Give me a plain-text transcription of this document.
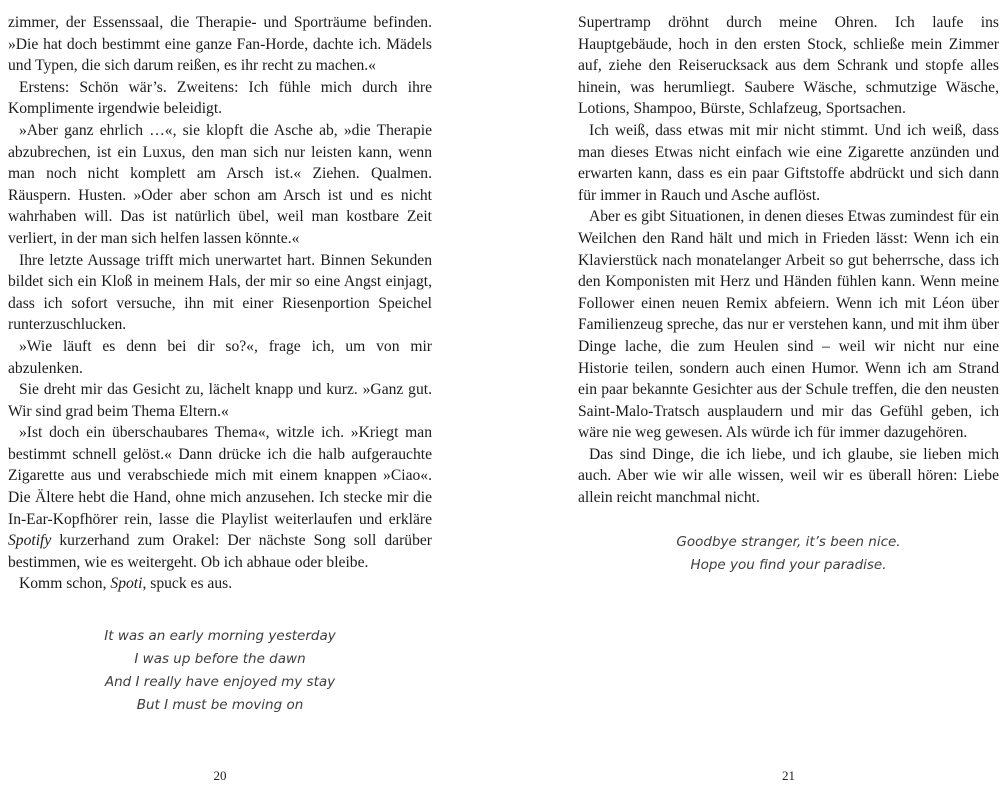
zimmer, der Essenssaal, die Therapie- und Sporträume befinden. »Die hat doch bestimmt eine ganze Fan-Horde, dachte ich. Mädels und Typen, die sich darum reißen, es ihr recht zu machen.«

Erstens: Schön wär’s. Zweitens: Ich fühle mich durch ihre Komplimente irgendwie beleidigt.

»Aber ganz ehrlich …«, sie klopft die Asche ab, »die Therapie abzubrechen, ist ein Luxus, den man sich nur leisten kann, wenn man noch nicht komplett am Arsch ist.« Ziehen. Qualmen. Räuspern. Husten. »Oder aber schon am Arsch ist und es nicht wahrhaben will. Das ist natürlich übel, weil man kostbare Zeit verliert, in der man sich helfen lassen könnte.«

Ihre letzte Aussage trifft mich unerwartet hart. Binnen Sekunden bildet sich ein Kloß in meinem Hals, der mir so eine Angst einjagt, dass ich sofort versuche, ihn mit einer Riesenportion Speichel runterzuschlucken.

»Wie läuft es denn bei dir so?«, frage ich, um von mir abzulenken.

Sie dreht mir das Gesicht zu, lächelt knapp und kurz. »Ganz gut. Wir sind grad beim Thema Eltern.«

»Ist doch ein überschaubares Thema«, witzle ich. »Kriegt man bestimmt schnell gelöst.« Dann drücke ich die halb aufgerauchte Zigarette aus und verabschiede mich mit einem knappen »Ciao«. Die Ältere hebt die Hand, ohne mich anzusehen. Ich stecke mir die In-Ear-Kopfhörer rein, lasse die Playlist weiterlaufen und erkläre Spotify kurzerhand zum Orakel: Der nächste Song soll darüber bestimmen, wie es weitergeht. Ob ich abhaue oder bleibe.

Komm schon, Spoti, spuck es aus.

It was an early morning yesterday
I was up before the dawn
And I really have enjoyed my stay
But I must be moving on
20

Supertramp dröhnt durch meine Ohren. Ich laufe ins Hauptgebäude, hoch in den ersten Stock, schließe mein Zimmer auf, ziehe den Reiserucksack aus dem Schrank und stopfe alles hinein, was herumliegt. Saubere Wäsche, schmutzige Wäsche, Lotions, Shampoo, Bürste, Schlafzeug, Sportsachen.

Ich weiß, dass etwas mit mir nicht stimmt. Und ich weiß, dass man dieses Etwas nicht einfach wie eine Zigarette anzünden und erwarten kann, dass es ein paar Giftstoffe abdrückt und sich dann für immer in Rauch und Asche auflöst.

Aber es gibt Situationen, in denen dieses Etwas zumindest für ein Weilchen den Rand hält und mich in Frieden lässt: Wenn ich ein Klavierstück nach monatelanger Arbeit so gut beherrsche, dass ich den Komponisten mit Herz und Händen fühlen kann. Wenn meine Follower einen neuen Remix abfeiern. Wenn ich mit Léon über Familienzeug spreche, das nur er verstehen kann, und mit ihm über Dinge lache, die zum Heulen sind – weil wir nicht nur eine Historie teilen, sondern auch einen Humor. Wenn ich am Strand ein paar bekannte Gesichter aus der Schule treffen, die den neusten Saint-Malo-Tratsch ausplaudern und mir das Gefühl geben, ich wäre nie weg gewesen. Als würde ich für immer dazugehören.

Das sind Dinge, die ich liebe, und ich glaube, sie lieben mich auch. Aber wie wir alle wissen, weil wir es überall hören: Liebe allein reicht manchmal nicht.

Goodbye stranger, it’s been nice.
Hope you find your paradise.
21
